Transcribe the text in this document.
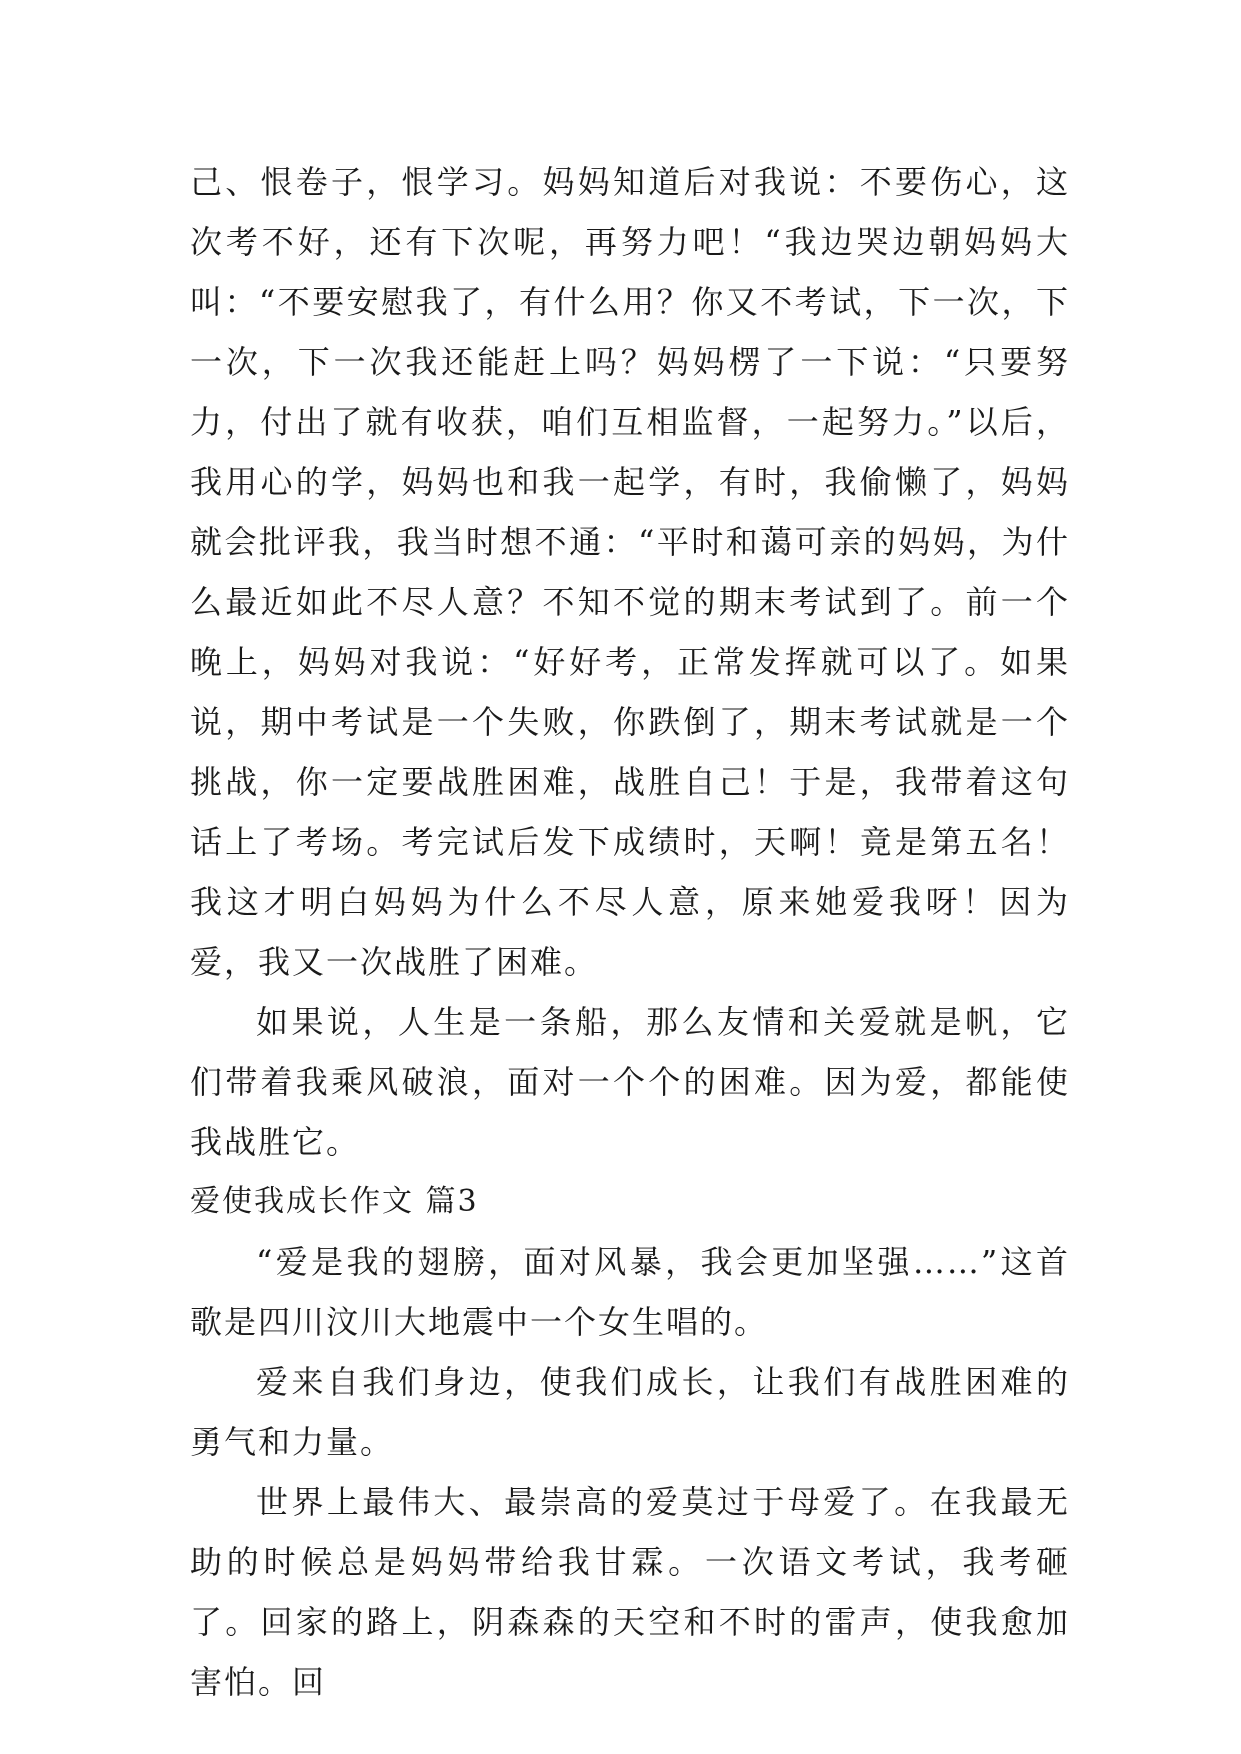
己、恨卷子，恨学习。妈妈知道后对我说：不要伤心，这次考不好，还有下次呢，再努力吧！“我边哭边朝妈妈大叫：“不要安慰我了，有什么用？你又不考试，下一次，下一次，下一次我还能赶上吗？妈妈楞了一下说：“只要努力，付出了就有收获，咱们互相监督，一起努力。”以后，我用心的学，妈妈也和我一起学，有时，我偷懒了，妈妈就会批评我，我当时想不通：“平时和蔼可亲的妈妈，为什么最近如此不尽人意？不知不觉的期末考试到了。前一个晚上，妈妈对我说：“好好考，正常发挥就可以了。如果说，期中考试是一个失败，你跌倒了，期末考试就是一个挑战，你一定要战胜困难，战胜自己！于是，我带着这句话上了考场。考完试后发下成绩时，天啊！竟是第五名！我这才明白妈妈为什么不尽人意，原来她爱我呀！因为爱，我又一次战胜了困难。

如果说，人生是一条船，那么友情和关爱就是帆，它们带着我乘风破浪，面对一个个的困难。因为爱，都能使我战胜它。

爱使我成长作文 篇3

“爱是我的翅膀，面对风暴，我会更加坚强……”这首歌是四川汶川大地震中一个女生唱的。

爱来自我们身边，使我们成长，让我们有战胜困难的勇气和力量。

世界上最伟大、最崇高的爱莫过于母爱了。在我最无助的时候总是妈妈带给我甘霖。一次语文考试，我考砸了。回家的路上，阴森森的天空和不时的雷声，使我愈加害怕。回
